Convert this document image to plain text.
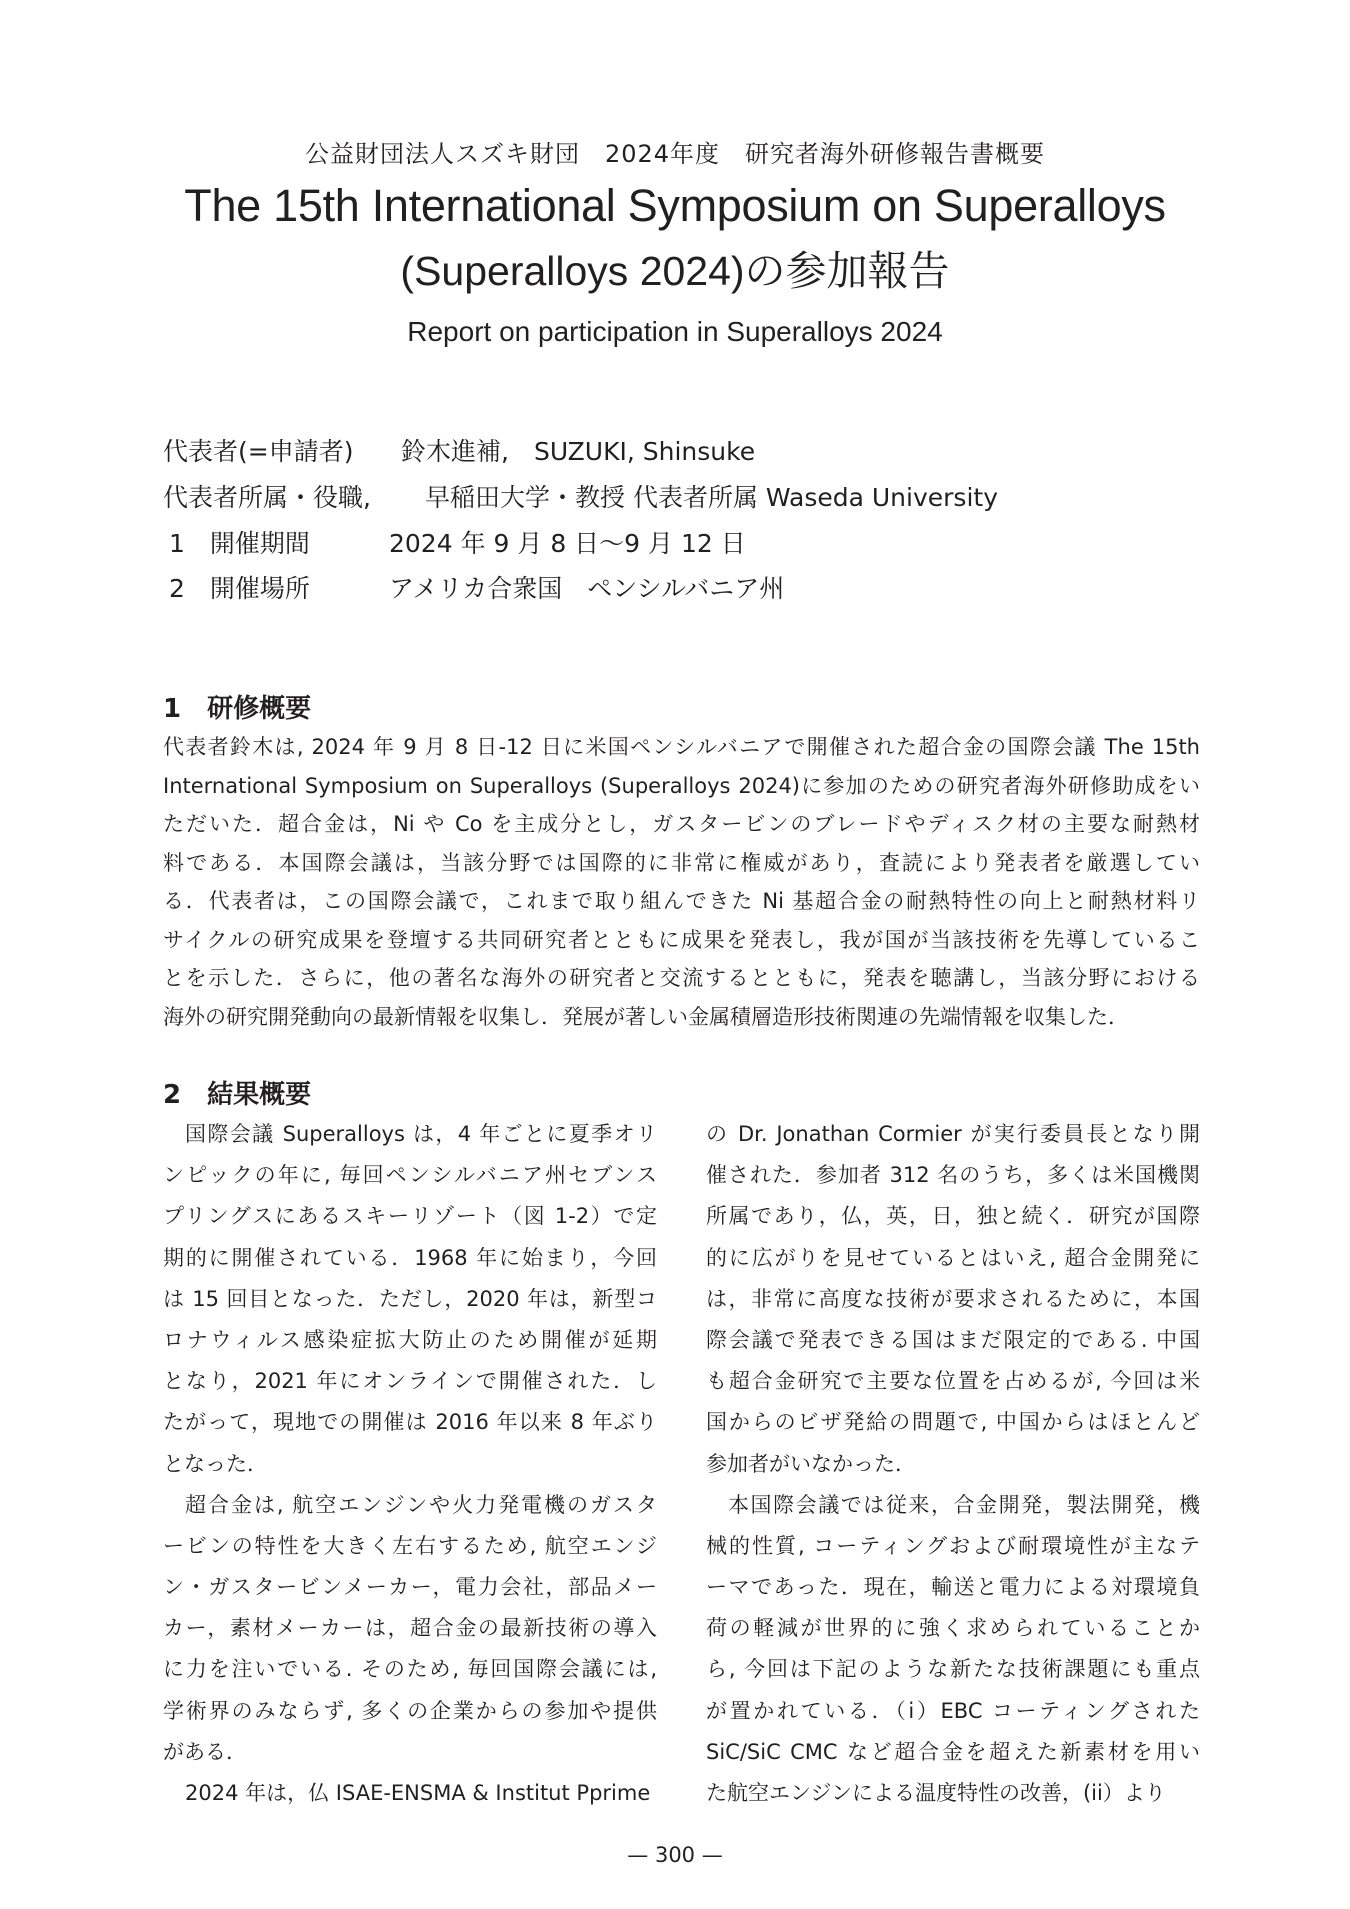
公益財団法人スズキ財団　2024年度　研究者海外研修報告書概要
The 15th International Symposium on Superalloys
(Superalloys 2024)の参加報告
Report on participation in Superalloys 2024
代表者(=申請者) 鈴木進補,　SUZUKI, Shinsuke
代表者所属・役職, 早稲田大学・教授 代表者所属 Waseda University
1　開催期間	2024 年 9 月 8 日〜9 月 12 日
2　開催場所	アメリカ合衆国　ペンシルバニア州
1　研修概要
代表者鈴木は, 2024 年 9 月 8 日-12 日に米国ペンシルバニアで開催された超合金の国際会議 The 15th
International Symposium on Superalloys (Superalloys 2024)に参加のための研究者海外研修助成をい
ただいた．超合金は，Ni や Co を主成分とし，ガスタービンのブレードやディスク材の主要な耐熱材
料である．本国際会議は，当該分野では国際的に非常に権威があり，査読により発表者を厳選してい
る．代表者は，この国際会議で，これまで取り組んできた Ni 基超合金の耐熱特性の向上と耐熱材料リ
サイクルの研究成果を登壇する共同研究者とともに成果を発表し，我が国が当該技術を先導しているこ
とを示した．さらに，他の著名な海外の研究者と交流するとともに，発表を聴講し，当該分野における
海外の研究開発動向の最新情報を収集し．発展が著しい金属積層造形技術関連の先端情報を収集した．
2　結果概要
国際会議 Superalloys は，4 年ごとに夏季オリ
ンピックの年に, 毎回ペンシルバニア州セブンス
プリングスにあるスキーリゾート（図 1-2）で定
期的に開催されている．1968 年に始まり，今回
は 15 回目となった．ただし，2020 年は，新型コ
ロナウィルス感染症拡大防止のため開催が延期
となり，2021 年にオンラインで開催された．し
たがって，現地での開催は 2016 年以来 8 年ぶり
となった．
超合金は, 航空エンジンや火力発電機のガスタ
ービンの特性を大きく左右するため, 航空エンジ
ン・ガスタービンメーカー，電力会社，部品メー
カー，素材メーカーは，超合金の最新技術の導入
に力を注いでいる. そのため, 毎回国際会議には,
学術界のみならず, 多くの企業からの参加や提供
がある．
2024 年は，仏 ISAE-ENSMA & Institut Pprime
の Dr. Jonathan Cormier が実行委員長となり開
催された．参加者 312 名のうち，多くは米国機関
所属であり，仏，英，日，独と続く．研究が国際
的に広がりを見せているとはいえ, 超合金開発に
は，非常に高度な技術が要求されるために，本国
際会議で発表できる国はまだ限定的である. 中国
も超合金研究で主要な位置を占めるが, 今回は米
国からのビザ発給の問題で, 中国からはほとんど
参加者がいなかった．
本国際会議では従来，合金開発，製法開発，機
械的性質, コーティングおよび耐環境性が主なテ
ーマであった．現在，輸送と電力による対環境負
荷の軽減が世界的に強く求められていることか
ら, 今回は下記のような新たな技術課題にも重点
が置かれている．（i）EBC コーティングされた
SiC/SiC CMC など超合金を超えた新素材を用い
た航空エンジンによる温度特性の改善，(ii）より
— 300 —
